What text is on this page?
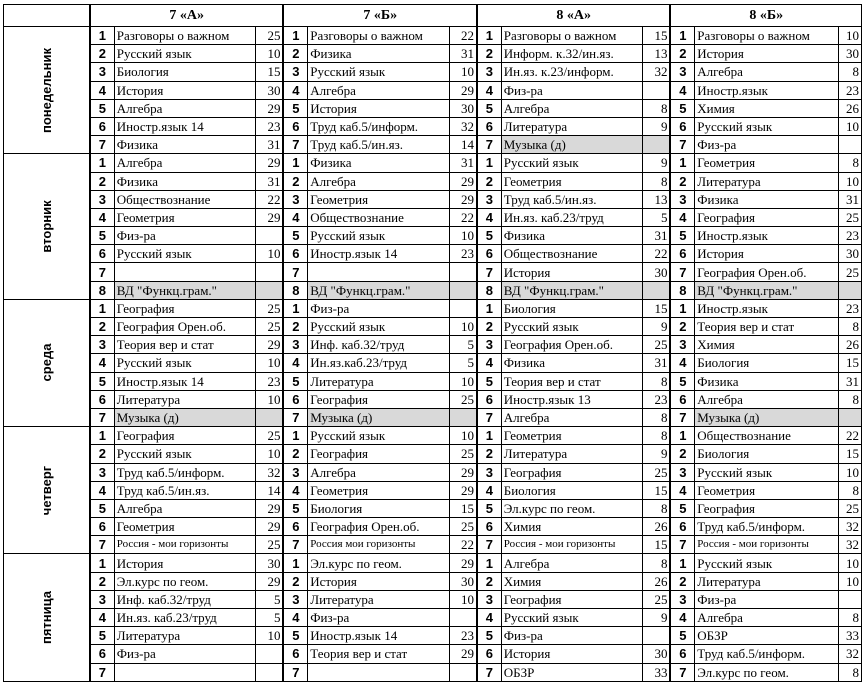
	7 «А»			7 «Б»			8 «А»			8 «Б»		

понедельник	1	Разговоры о важном	25	1	Разговоры о важном	22	1	Разговоры о важном	15	1	Разговоры о важном	10
	2	Русский язык	10	2	Физика	31	2	Информ. к.32/ин.яз.	13	2	История	30
	3	Биология	15	3	Русский язык	10	3	Ин.яз. к.23/информ.	32	3	Алгебра	8
	4	История	30	4	Алгебра	29	4	Физ-ра		4	Иностр.язык	23
	5	Алгебра	29	5	История	30	5	Алгебра	8	5	Химия	26
	6	Иностр.язык 14	23	6	Труд каб.5/информ.	32	6	Литература	9	6	Русский язык	10
	7	Физика	31	7	Труд каб.5/ин.яз.	14	7	Музыка (д)		7	Физ-ра	

вторник	1	Алгебра	29	1	Физика	31	1	Русский язык	9	1	Геометрия	8
	2	Физика	31	2	Алгебра	29	2	Геометрия	8	2	Литература	10
	3	Обществознание	22	3	Геометрия	29	3	Труд каб.5/ин.яз.	13	3	Физика	31
	4	Геометрия	29	4	Обществознание	22	4	Ин.яз. каб.23/труд	5	4	География	25
	5	Физ-ра		5	Русский язык	10	5	Физика	31	5	Иностр.язык	23
	6	Русский язык	10	6	Иностр.язык 14	23	6	Обществознание	22	6	История	30
	7			7			7	История	30	7	География Орен.об.	25
	8	ВД "Функц.грам."		8	ВД "Функц.грам."		8	ВД "Функц.грам."		8	ВД "Функц.грам."	

среда	1	География	25	1	Физ-ра		1	Биология	15	1	Иностр.язык	23
	2	География Орен.об.	25	2	Русский язык	10	2	Русский язык	9	2	Теория вер и стат	8
	3	Теория вер и стат	29	3	Инф. каб.32/труд	5	3	География Орен.об.	25	3	Химия	26
	4	Русский язык	10	4	Ин.яз.каб.23/труд	5	4	Физика	31	4	Биология	15
	5	Иностр.язык 14	23	5	Литература	10	5	Теория вер и стат	8	5	Физика	31
	6	Литература	10	6	География	25	6	Иностр.язык 13	23	6	Алгебра	8
	7	Музыка (д)		7	Музыка (д)		7	Алгебра	8	7	Музыка (д)	

четверг	1	География	25	1	Русский язык	10	1	Геометрия	8	1	Обществознание	22
	2	Русский язык	10	2	География	25	2	Литература	9	2	Биология	15
	3	Труд каб.5/информ.	32	3	Алгебра	29	3	География	25	3	Русский язык	10
	4	Труд каб.5/ин.яз.	14	4	Геометрия	29	4	Биология	15	4	Геометрия	8
	5	Алгебра	29	5	Биология	15	5	Эл.курс по геом.	8	5	География	25
	6	Геометрия	29	6	География Орен.об.	25	6	Химия	26	6	Труд каб.5/информ.	32
	7	Россия - мои горизонты	25	7	Россия мои горизонты	22	7	Россия - мои горизонты	15	7	Россия - мои горизонты	32

пятница	1	История	30	1	Эл.курс по геом.	29	1	Алгебра	8	1	Русский язык	10
	2	Эл.курс по геом.	29	2	История	30	2	Химия	26	2	Литература	10
	3	Инф. каб.32/труд	5	3	Литература	10	3	География	25	3	Физ-ра	
	4	Ин.яз. каб.23/труд	5	4	Физ-ра		4	Русский язык	9	4	Алгебра	8
	5	Литература	10	5	Иностр.язык 14	23	5	Физ-ра		5	ОБЗР	33
	6	Физ-ра		6	Теория вер и стат	29	6	История	30	6	Труд каб.5/информ.	32
	7			7			7	ОБЗР	33	7	Эл.курс по геом.	8
